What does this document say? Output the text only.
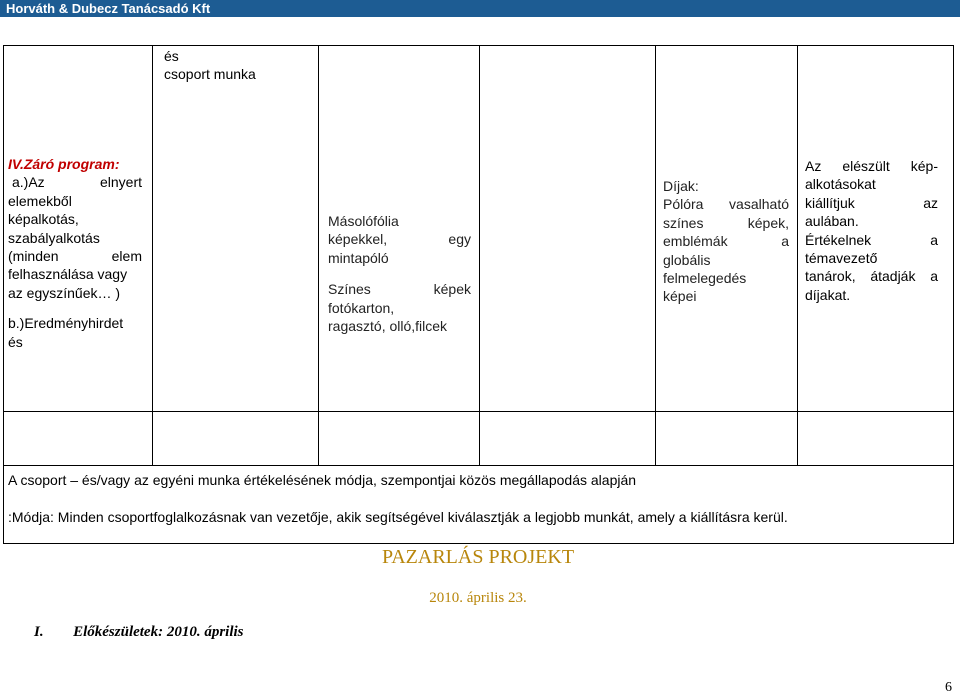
Horváth & Dubecz Tanácsadó Kft
és
csoport munka
IV.Záró program:
a.)Az elnyert
elemekből
képalkotás,
szabályalkotás
(minden elem
felhasználása vagy
az egyszínűek… )
b.)Eredményhirdet
és
Másolófólia
képekkel, egy
mintapóló
Színes képek
fotókarton,
ragasztó, olló,filcek
Díjak:
Pólóra vasalható
színes képek,
emblémák a
globális
felmelegedés
képei
Az elészült kép-
alkotásokat
kiállítjuk az
aulában.
Értékelnek a
témavezető
tanárok, átadják a
díjakat.
A csoport – és/vagy az egyéni munka értékelésének módja, szempontjai közös megállapodás alapján
:Módja: Minden csoportfoglalkozásnak van vezetője, akik segítségével kiválasztják a legjobb munkát, amely a kiállításra kerül.
PAZARLÁS PROJEKT
2010. április 23.
I. Előkészületek: 2010. április
6
